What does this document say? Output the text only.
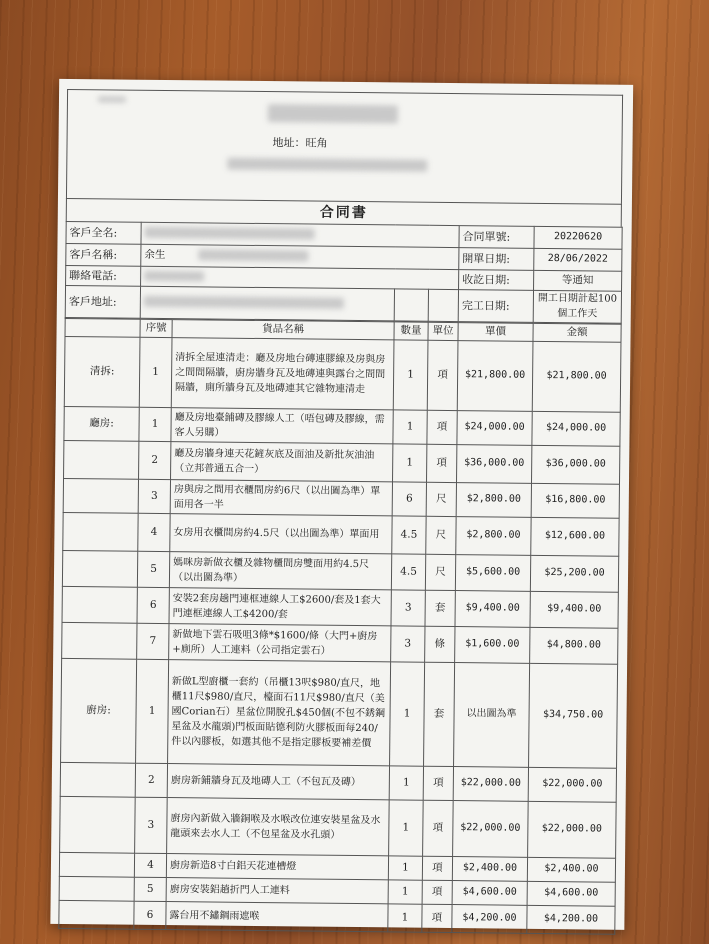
地址：旺角
合同書
客戶全名:				合同單號:	20220620
客戶名稱:	余生			開單日期:	28/06/2022
聯絡電話:				收訖日期:	等通知
客戶地址:				完工日期:	開工日期計起100個工作天
	序號	貨品名稱	數量	單位	單價	金額
清拆:	1	清拆全屋連清走：廳及房地台磚連膠線及房與房之間間隔牆，廚房牆身瓦及地磚連與露台之間間隔牆，廁所牆身瓦及地磚連其它雜物連清走	1	項	$21,800.00	$21,800.00
廳房:	1	廳及房地臺鋪磚及膠線人工（唔包磚及膠線，需客人另購）	1	項	$24,000.00	$24,000.00
	2	廳及房牆身連天花鏟灰底及面油及新批灰油油（立邦普通五合一）	1	項	$36,000.00	$36,000.00
	3	房與房之間用衣櫃間房約6尺（以出圖為準）單面用各一半	6	尺	$2,800.00	$16,800.00
	4	女房用衣櫃間房約4.5尺（以出圖為準）單面用	4.5	尺	$2,800.00	$12,600.00
	5	媽咪房新做衣櫃及雜物櫃間房雙面用約4.5尺（以出圖為準）	4.5	尺	$5,600.00	$25,200.00
	6	安裝2套房趟門連框連線人工$2600/套及1套大門連框連線人工$4200/套	3	套	$9,400.00	$9,400.00
	7	新做地下雲石吸咀3條*$1600/條（大門+廚房+廁所）人工連料（公司指定雲石）	3	條	$1,600.00	$4,800.00
廚房:	1	新做L型廚櫃一套約（吊櫃13呎$980/直尺，地櫃11尺$980/直尺，檯面石11尺$980/直尺（美國Corian石）星盆位開脫孔$450個(不包不銹鋼星盆及水龍頭)門板面貼德利防火膠板面每240/件以內膠板，如選其他不是指定膠板要補差價	1	套	以出圖為準	$34,750.00
	2	廚房新鋪牆身瓦及地磚人工（不包瓦及磚）	1	項	$22,000.00	$22,000.00
	3	廚房內新做入牆銅喉及水喉改位連安裝星盆及水龍頭來去水人工（不包星盆及水孔頭）	1	項	$22,000.00	$22,000.00
	4	廚房新造8寸白鋁天花連槽燈	1	項	$2,400.00	$2,400.00
	5	廚房安裝鋁趟折門人工連料	1	項	$4,600.00	$4,600.00
	6	露台用不鏽鋼雨遮喉	1	項	$4,200.00	$4,200.00
